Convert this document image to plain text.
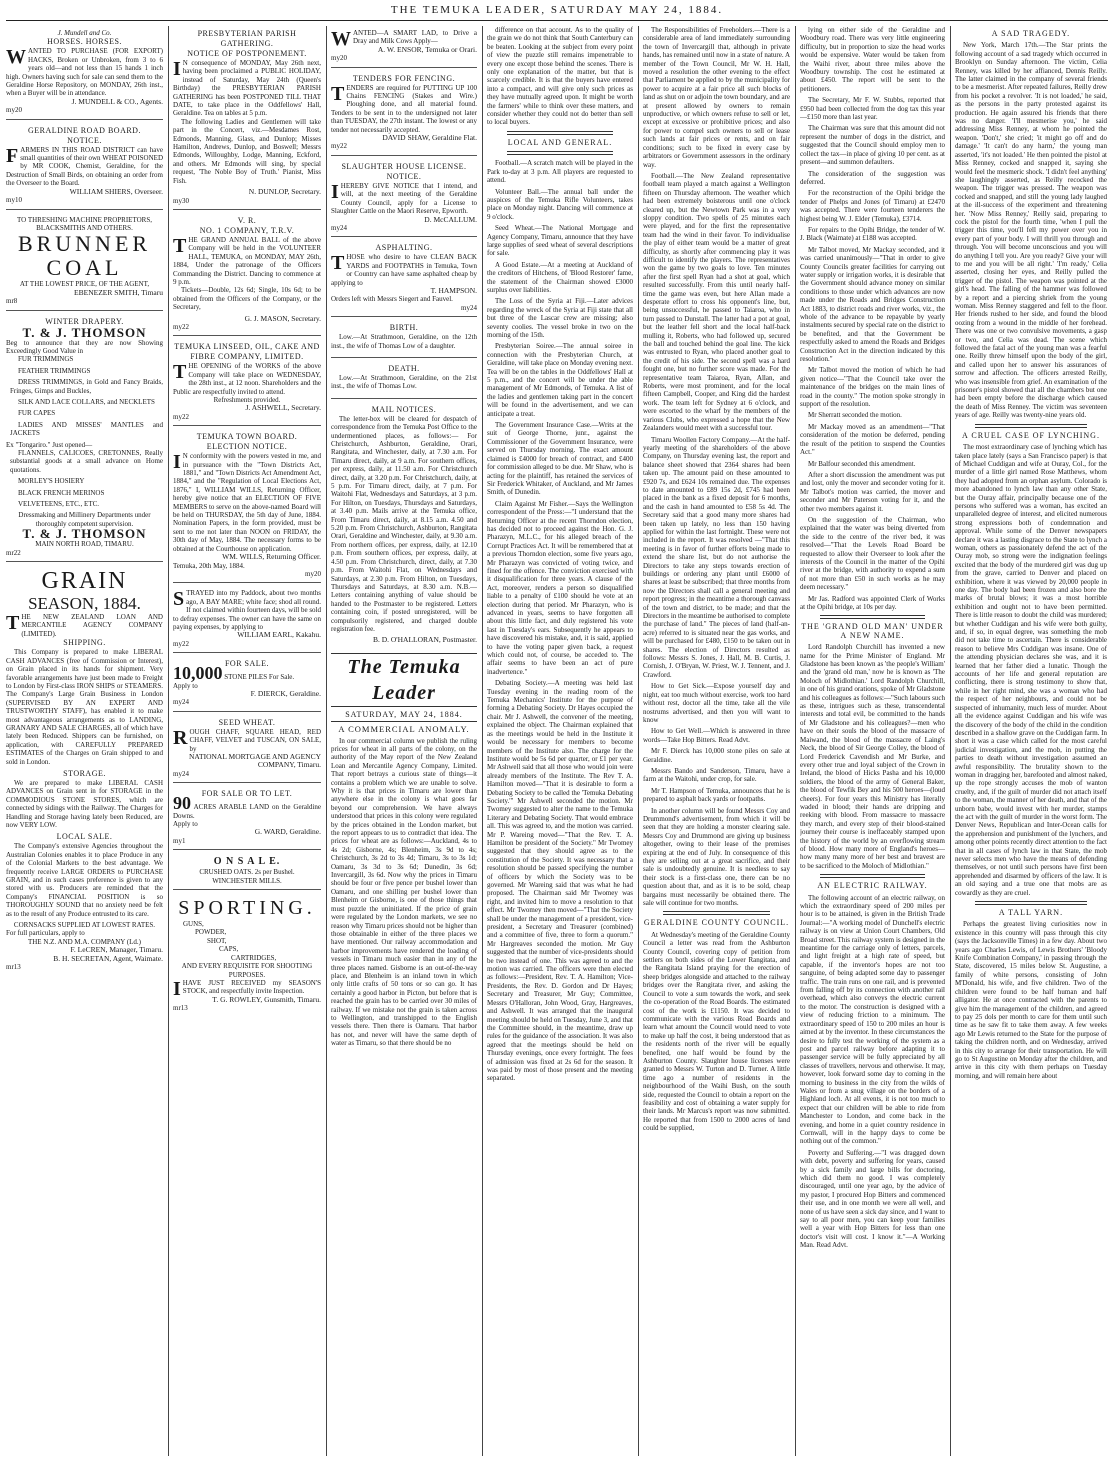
THE TEMUKA LEADER, SATURDAY MAY 24, 1884.
J. Mundell and Co.
HORSES. HORSES.
WANTED TO PURCHASE (FOR EXPORT) HACKS, Broken or Unbroken, from 3 to 6 years old—and not less than 15 hands 1 inch high. Owners having such for sale can send them to the Geraldine Horse Repository, on MONDAY, 26th inst., when a Buyer will be in attendance.
J. MUNDELL & CO., Agents.
my20
GERALDINE ROAD BOARD.
NOTICE.
FARMERS IN THIS ROAD DISTRICT can have small quantities of their own WHEAT POISONED by MR COOK, Chemist, Geraldine, for the Destruction of Small Birds, on obtaining an order from the Overseer to the Board.
WILLIAM SHIERS, Overseer.
my10
TO THRESHING MACHINE PROPRIETORS, BLACKSMITHS AND OTHERS.
BRUNNER
COAL
AT THE LOWEST PRICE, OF THE AGENT,
EBENEZER SMITH, Timaru
mr8
WINTER DRAPERY.
T. & J. THOMSON
Beg to announce that they are now Showing Exceedingly Good Value in

FUR TRIMMINGS

FEATHER TRIMMINGS

DRESS TRIMMINGS, in Gold and Fancy Braids, Fringes, Gimps and Buckles,

SILK AND LACE COLLARS, and NECKLETS

FUR CAPES

LADIES AND MISSES' MANTLES and JACKETS

Ex "Tongariro." Just opened—

FLANNELS, CALICOES, CRETONNES, Really substantial goods at a small advance on Home quotations.

MORLEY'S HOSIERY

BLACK FRENCH MERINOS

VELVETEENS, ETC., ETC.

Dressmaking and Millinery Departments under thoroughly competent supervision.
T. & J. THOMSON
MAIN NORTH ROAD, TIMARU.
mr22
GRAIN
SEASON, 1884.
THE NEW ZEALAND LOAN AND MERCANTILE AGENCY COMPANY (LIMITED).
SHIPPING.

This Company is prepared to make LIBERAL CASH ADVANCES (free of Commission or Interest), on Grain placed in its hands for shipment. Very favorable arrangements have just been made to Freight to London by First-class IRON SHIPS or STEAMERS. The Company's Large Grain Business in London (SUPERVISED BY AN EXPERT AND TRUSTWORTHY STAFF), has enabled it to make most advantageous arrangements as to LANDING, GRANARY AND SALE CHARGES, all of which have lately been Reduced. Shippers can be furnished, on application, with CAREFULLY PREPARED ESTIMATES of the Charges on Grain shipped to and sold in London.

STORAGE.

We are prepared to make LIBERAL CASH ADVANCES on Grain sent in for STORAGE in the COMMODIOUS STONE STORES, which are connected by sidings with the Railway. The Charges for Handling and Storage having lately been Reduced, are now VERY LOW.

LOCAL SALE.

The Company's extensive Agencies throughout the Australian Colonies enables it to place Produce in any of the Colonial Markets to the best advantage. We frequently receive LARGE ORDERS to PURCHASE GRAIN, and in such cases preference is given to any stored with us. Producers are reminded that the Company's FINANCIAL POSITION is so THOROUGHLY SOUND that no anxiety need be felt as to the result of any Produce entrusted to its care.

CORNSACKS SUPPLIED AT LOWEST RATES.
For full particulars, apply to
THE N.Z. AND M.A. COMPANY (Ld.)
F. LeCREN, Manager, Timaru.
B. H. SECRETAN, Agent, Waimate.
mr13
PRESBYTERIAN PARISH GATHERING.
NOTICE OF POSTPONEMENT.
I N consequence of MONDAY, May 26th next, having been proclaimed a PUBLIC HOLIDAY, instead of Saturday, May 24th (Queen's Birthday) the PRESBYTERIAN PARISH GATHERING has been POSTPONED TILL THAT DATE, to take place in the Oddfellows' Hall, Geraldine. Tea on tables at 5 p.m.

The following Ladies and Gentlemen will take part in the Concert, viz.—Mesdames Rost, Edmonds, Manning, Glass, and Dunlop; Misses Hamilton, Andrews, Dunlop, and Boswell; Messrs Edmonds, Willoughby, Lodge, Manning, Eckford, and others. Mr Edmonds will sing, by special request, 'The Noble Boy of Truth.' Pianist, Miss Fish.

N. DUNLOP, Secretary.
my30
V. R.
NO. 1 COMPANY, T.R.V.
THE GRAND ANNUAL BALL of the above Company will be held in the VOLUNTEER HALL, TEMUKA, on MONDAY, MAY 26th, 1884, Under the patronage of the Officers Commanding the District. Dancing to commence at 9 p.m.

Tickets—Double, 12s 6d; Single, 10s 6d; to be obtained from the Officers of the Company, or the Secretary,

G. J. MASON, Secretary.
my22
TEMUKA LINSEED, OIL, CAKE AND FIBRE COMPANY, LIMITED.
THE OPENING of the WORKS of the above Company will take place on WEDNESDAY, the 28th inst., at 12 noon. Shareholders and the Public are respectfully invited to attend.
Refreshments provided.
J. ASHWELL, Secretary.
my22
TEMUKA TOWN BOARD.
ELECTION NOTICE.
I N conformity with the powers vested in me, and in pursuance with the "Town Districts Act, 1881," and "Town Districts Act Amendment Act, 1884," and the "Regulation of Local Elections Act, 1876," I, WILLIAM WILLS, Returning Officer, hereby give notice that an ELECTION OF FIVE MEMBERS to serve on the above-named Board will be held on THURSDAY, the 5th day of June, 1884. Nomination Papers, in the form provided, must be sent to me not later than NOON on FRIDAY, the 30th day of May, 1884. The necessary forms to be obtained at the Courthouse on application.
WM. WILLS, Returning Officer.
Temuka, 20th May, 1884.
my20
STRAYED into my Paddock, about two months ago, A BAY MARE; white face; shod all round. If not claimed within fourteen days, will be sold to defray expenses. The owner can have the same on paying expenses, by applying to
WILLIAM EARL, Kakahu.
my22
FOR SALE.
10,000 STONE PILES For Sale.
Apply to
F. DIERCK, Geraldine.
my24
SEED WHEAT.
ROUGH CHAFF, SQUARE HEAD, RED CHAFF, VELVET and TUSCAN, ON SALE, by
NATIONAL MORTGAGE AND AGENCY COMPANY, Timaru.
my24
FOR SALE OR TO LET.
90 ACRES ARABLE LAND on the Geraldine Downs.
Apply to
G. WARD, Geraldine.
my1
O N S A L E.
CRUSHED OATS. 2s per Bushel.
WINCHESTER MILLS.
SPORTING.
GUNS,
POWDER,
SHOT,
CAPS,
CARTRIDGES,
AND EVERY REQUISITE FOR SHOOTING PURPOSES.
IHAVE JUST RECEIVED my SEASON'S STOCK, and respectfully invite Inspection.
T. G. ROWLEY, Gunsmith, Timaru.
mr13
WANTED—A SMART LAD, to Drive a Dray and Milk Cows Apply—
A. W. ENSOR, Temuka or Orari.
my20
TENDERS FOR FENCING.
TENDERS are required for PUTTING UP 100 Chains FENCING (Stakes and Wire.) Ploughing done, and all material found. Tenders to be sent in to the undersigned not later than TUESDAY, the 27th instant. The lowest or any tender not necessarily accepted.
DAVID SHAW, Geraldine Flat.
my22
SLAUGHTER HOUSE LICENSE.
NOTICE.
IHEREBY GIVE NOTICE that I intend, and will, at the next meeting of the Geraldine County Council, apply for a License to Slaughter Cattle on the Maori Reserve, Epworth.
D. McCALLUM.
my24
ASPHALTING.
THOSE who desire to have CLEAN BACK YARDS and FOOTPATHS in Temuka, Town or Country can have same asphalted cheap by applying to
T. HAMPSON.
Orders left with Messrs Siegert and Fauvel.
my24
BIRTH.

Low.—At Strathmoon, Geraldine, on the 12th inst., the wife of Thomas Low of a daughter.

DEATH.

Low.—At Strathmoon, Geraldine, on the 21st inst., the wife of Thomas Low.

MAIL NOTICES.

The letter-box will be cleared for despatch of correspondence from the Temuka Post Office to the undermentioned places, as follows:— For Christchurch, Ashburton, Geraldine, Orari, Rangitata, and Winchester, daily, at 7.30 a.m. For Timaru direct, daily, at 9 a.m. For southern offices, per express, daily, at 11.50 a.m. For Christchurch direct, daily, at 3.20 p.m. For Christchurch, daily, at 5 p.m. For Timaru direct, daily, at 7 p.m. For Waitohi Flat, Wednesdays and Saturdays, at 3 p.m. For Hilton, on Tuesdays, Thursdays and Saturdays, at 3.40 p.m. Mails arrive at the Temuka office, From Timaru direct, daily, at 8.15 a.m. 4.50 and 5.20 p.m. From Christchurch, Ashburton, Rangitata Orari, Geraldine and Winchester, daily, at 9.30 a.m. From northern offices, per express, daily, at 12.10 p.m. From southern offices, per express, daily, at 4.50 p.m. From Christchurch, direct, daily, at 7.30 p.m. From Waitohi Flat, on Wednesdays and Saturdays, at 2.30 p.m. From Hilton, on Tuesdays, Thursdays and Saturdays, at 8.30 a.m. N.B.—Letters containing anything of value should be handed to the Postmaster to be registered. Letters containing coin, if posted unregistered, will be compulsorily registered, and charged double registration fee.

B. D. O'HALLORAN, Postmaster.
The Temuka Leader
SATURDAY, MAY 24, 1884.
A COMMERCIAL ANOMALY.

In our commercial column we publish the ruling prices for wheat in all parts of the colony, on the authority of the May report of the New Zealand Loan and Mercantile Agency Company, Limited. That report betrays a curious state of things—it contains a problem which we are unable to solve. Why it is that prices in Timaru are lower than anywhere else in the colony is what goes far beyond our comprehension. We have always understood that prices in this colony were regulated by the prices obtained in the London market, but the report appears to us to contradict that idea. The prices for wheat are as follows:—Auckland, 4s to 4s 2d; Gisborne, 4s; Blenheim, 3s 9d to 4s; Christchurch, 3s 2d to 3s 4d; Timaru, 3s to 3s 1d; Oamaru, 3s 3d to 3s 6d; Dunedin, 3s 6d; Invercargill, 3s 6d. Now why the prices in Timaru should be four or five pence per bushel lower than Oamaru, and one shilling per bushel lower than Blenheim or Gisborne, is one of those things that must puzzle the uninitiated. If the price of grain were regulated by the London markets, we see no reason why Timaru prices should not be higher than those obtainable in either of the three places we have mentioned. Our railway accommodation and harbor improvements have rendered the loading of vessels in Timaru much easier than in any of the three places named. Gisborne is an out-of-the-way place, and Blenheim is an inland town in which only little crafts of 50 tons or so can go. It has certainly a good harbor in Picton, but before that is reached the grain has to be carried over 30 miles of railway. If we mistake not the grain is taken across to Wellington, and transhipped to the English vessels there. Then there is Oamaru. That harbor has not, and never will have the same depth of water as Timaru, so that there should be no

difference on that account. As to the quality of the grain we do not think that South Canterbury can be beaten. Looking at the subject from every point of view the puzzle still remains impenetrable to every one except those behind the scenes. There is only one explanation of the matter, but that is scarcely credible. It is that the buyers have entered into a compact, and will give only such prices as they have mutually agreed upon. It might be worth the farmers' while to think over these matters, and consider whether they could not do better than sell to local buyers.

LOCAL AND GENERAL.

Football.—A scratch match will be played in the Park to-day at 3 p.m. All players are requested to attend.

Volunteer Ball.—The annual ball under the auspices of the Temuka Rifle Volunteers, takes place on Monday night. Dancing will commence at 9 o'clock.

Seed Wheat.—The National Mortgage and Agency Company, Timaru, announce that they have large supplies of seed wheat of several descriptions for sale.

A Good Estate.—At a meeting at Auckland of the creditors of Hitchens, of 'Blood Restorer' fame, the statement of the Chairman showed £3000 surplus over liabilities.

The Loss of the Syria at Fiji.—Later advices regarding the wreck of the Syria at Fiji state that all but three of the Lascar crew are missing; also seventy coolies. The vessel broke in two on the morning of the 15th.

Presbyterian Soiree.—The annual soiree in connection with the Presbyterian Church, at Geraldine, will take place on Monday evening next. Tea will be on the tables in the Oddfellows' Hall at 5 p.m., and the concert will be under the able management of Mr Edmonds, of Temuka. A list of the ladies and gentlemen taking part in the concert will be found in the advertisement, and we can anticipate a treat.

The Government Insurance Case.—Writs at the suit of George Thorne, junr., against the Commissioner of the Government Insurance, were served on Thursday morning. The exact amount claimed is £4000 for breach of contract, and £400 for commission alleged to be due. Mr Shaw, who is acting for the plaintiff, has retained the services of Sir Frederick Whitaker, of Auckland, and Mr James Smith, of Dunedin.

Claim Against Mr Fisher.—Says the Wellington correspondent of the Press:—"I understand that the Returning Officer at the recent Thorndon election, has decided not to proceed against the Hon. G. J. Pharazyn, M.L.C., for his alleged breach of the Corrupt Practices Act. It will be remembered that at a previous Thorndon election, some five years ago, Mr Pharazyn was convicted of voting twice, and fined for the offence. The conviction exercised with it disqualification for three years. A clause of the Act, moreover, renders a person so disqualified liable to a penalty of £100 should he vote at an election during that period. Mr Pharazyn, who is advanced in years, seems to have forgotten all about this little fact, and duly registered his vote last in Tuesday's ears. Subsequently he appears to have discovered his mistake, and, it is said, applied to have the voting paper given back, a request which could not, of course, be acceded to. The affair seems to have been an act of pure inadvertence."

Debating Society.—A meeting was held last Tuesday evening in the reading room of the Temuka Mechanics' Institute for the purpose of forming a Debating Society. Dr Hayes occupied the chair. Mr J. Ashwell, the convener of the meeting, explained the object. The Chairman explained that as the meetings would be held in the Institute it would be necessary for members to become members of the Institute also. The charge for the Institute would be 5s 6d per quarter, or £1 per year. Mr Ashwell said that all those who would join were already members of the Institute. The Rev T. A. Hamilton moved—"That it is desirable to form a Debating Society to be called the 'Temuka Debating Society.'" Mr Ashwell seconded the motion. Mr Twomey suggested to alter the name to the Temuka Literary and Debating Society. That would embrace all. This was agreed to, and the motion was carried. Mr P. Wareing moved—"That the Rev. T. A. Hamilton be president of the Society." Mr Twomey suggested that they should agree as to the constitution of the Society. It was necessary that a resolution should be passed specifying the number of officers by which the Society was to be governed. Mr Wareing said that was what he had proposed. The Chairman said Mr Twomey was right, and invited him to move a resolution to that effect. Mr Twomey then moved—"That the Society shall be under the management of a president, vice-president, a Secretary and Treasurer (combined) and a committee of five, three to form a quorum." Mr Hargreaves seconded the motion. Mr Guy suggested that the number of vice-presidents should be two instead of one. This was agreed to and the motion was carried. The officers were then elected as follows:—President, Rev. T. A. Hamilton; Vice-Presidents, the Rev. D. Gordon and Dr Hayes; Secretary and Treasurer, Mr Guy; Committee, Messrs O'Halloran, John Wood, Gray, Hargreaves, and Ashwell. It was arranged that the inaugural meeting should be held on Tuesday, June 3, and that the Committee should, in the meantime, draw up rules for the guidance of the association. It was also agreed that the meetings should be held on Thursday evenings, once every fortnight. The fees of admission was fixed at 2s 6d for the season. It was paid by most of those present and the meeting separated.

The Responsibilities of Freeholders.—There is a considerable area of land immediately surrounding the town of Invercargill that, although in private hands, has remained until now in a state of nature. A member of the Town Council, Mr W. H. Hall, moved a resolution the other evening to the effect that Parliament be applied to by the municipality for power to acquire at a fair price all such blocks of land as shut on or adjoin the town boundary, and are at present allowed by owners to remain unproductive, or which owners refuse to sell or let, except at excessive or prohibitive prices; and also for power to compel such owners to sell or lease such lands at fair prices or rents, and on fair conditions; such to be fixed in every case by arbitrators or Government assessors in the ordinary way.

Football.—The New Zealand representative football team played a match against a Wellington fifteen on Thursday afternoon. The weather which had been extremely boisterous until one o'clock cleared up, but the Newtown Park was in a very sloppy condition. Two spells of 25 minutes each were played, and for the first the representative team had the wind in their favor. To individualise the play of either team would be a matter of great difficulty, as shortly after commencing play it was difficult to identify the players. The representatives won the game by two goals to love. Ten minutes after the first spell Ryan had a shot at goal, which resulted successfully. From this until nearly half-time the game was even, but here Allan made a desperate effort to cross his opponent's line, but, being unsuccessful, he passed to Taiaroa, who in turn passed to Dunstall. The latter had a pot at goal, but the leather fell short and the local half-back mulling it, Roberts, who had followed up, secured the ball and touched behind the goal line. The kick was entrusted to Ryan, who placed another goal to the credit of his side. The second spell was a hard fought one, but no further score was made. For the representative team Taiaroa, Ryan, Allan, and Roberts, were most prominent, and for the local fifteen Campbell, Cooper, and King did the hardest work. The team left for Sydney at 6 o'clock, and were escorted to the wharf by the members of the various Clubs, who expressed a hope that the New Zealanders would meet with a successful tour.

Timaru Woollen Factory Company.—At the half-yearly meeting of the shareholders of the above Company, on Thursday evening last, the report and balance sheet showed that 2364 shares had been taken up. The amount paid on these amounted to £920 7s, and £624 10s remained due. The expenses to date amounted to £89 15s 2d, £745 had been placed in the bank as a fixed deposit for 6 months, and the cash in hand amounted to £58 5s 4d. The Secretary said that a good many more shares had been taken up lately, no less than 150 having applied for within the last fortnight. These were not included in the report. It was resolved —"That this meeting is in favor of further efforts being made to extend the share list, but do not authorise the Directors to take any steps towards erection of buildings or ordering any plant until £6000 of shares at least be subscribed; that three months from now the Directors shall call a general meeting and report progress; in the meantime a thorough canvass of the town and district, to be made; and that the Directors in the meantime be authorised to complete the purchase of land." The pieces of land (half-an-acre) referred to is situated near the gas works, and will be purchased for £480, £150 to be taken out in shares. The election of Directors resulted as follows: Messrs S. Jones, J. Hall, M. B. Curtis, J. Cornish, J. O'Bryan, W. Priest, W. J. Tennent, and J. Crawford.

How to Get Sick.—Expose yourself day and night, eat too much without exercise, work too hard without rest, doctor all the time, take all the vile nostrums advertised, and then you will want to know

How to Get Well.—Which is answered in three words—Take Hop Bitters. Read Advt.

Mr F. Dierck has 10,000 stone piles on sale at Geraldine.

Messrs Bando and Sanderson, Timaru, have a farm at the Waitohi, under crop, for sale.

Mr T. Hampson of Temuka, announces that he is prepared to asphalt back yards or footpaths.

In another column will be found Messrs Coy and Drummond's advertisement, from which it will be seen that they are holding a monster clearing sale. Messrs Coy and Drummond are giving up business altogether, owing to their lease of the premises expiring at the end of July. In consequence of this they are selling out at a great sacrifice, and their sale is undoubtedly genuine. It is needless to say their stock is a first-class one, there can be no question about that, and as it is to be sold, cheap bargains must necessarily be obtained there. The sale will continue for two months.

GERALDINE COUNTY COUNCIL.

At Wednesday's meeting of the Geraldine County Council a letter was read from the Ashburton County Council, covering copy of petition from settlers on both sides of the Lower Rangitata, and the Rangitata Island praying for the erection of sheep bridges alongside and attached to the railway bridges over the Rangitata river, and asking the Council to vote a sum towards the work, and seek the co-operation of the Road Boards. The estimated cost of the work is £1150. It was decided to communicate with the various Road Boards and learn what amount the Council would need to vote to make up half the cost, it being understood that as the residents north of the river will be equally benefited, one half would be found by the Ashburton County. Slaughter house licenses were granted to Messrs W. Turton and D. Turner. A little time ago a number of residents in the neighbourhood of the Waihi Bush, on the south side, requested the Council to obtain a report on the feasibility and cost of obtaining a water supply for their lands. Mr Marcus's report was now submitted. He reported that from 1500 to 2000 acres of land could be supplied,

lying on either side of the Geraldine and Woodbury road. There was very little engineering difficulty, but in proportion to size the head works would be expensive. Water would be taken from the Waihi river, about three miles above the Woodbury township. The cost he estimated at about £450. The report will be sent to the petitioners.

The Secretary, Mr F. W. Stubbs, reported that £950 had been collected from the dog tax this year—£150 more than last year.

The Chairman was sure that this amount did not represent the number of dogs in the district, and suggested that the Council should employ men to collect the tax—in place of giving 10 per cent. as at present—and summon defaulters.

The consideration of the suggestion was deferred.

For the reconstruction of the Opihi bridge the tender of Phelps and Jones (of Timaru) at £2470 was accepted. There were fourteen tenderers the highest being W. J. Elder (Temuka), £3714.

For repairs to the Opihi Bridge, the tender of W. J. Black (Waimate) at £188 was accepted.

Mr Talbot moved, Mr Mackay seconded, and it was carried unanimously—"That in order to give County Councils greater facilities for carrying out water supply or irrigation works, it is desirable that the Government should advance money on similar conditions to those under which advances are now made under the Roads and Bridges Construction Act 1883, to district roads and river works, viz., the whole of the advance to be repayable by yearly instalments secured by special rate on the district to be benefited, and that the Government be respectfully asked to amend the Roads and Bridges Construction Act in the direction indicated by this resolution."

Mr Talbot moved the motion of which he had given notice—"That the Council take over the maintenance of the bridges on the main lines of road in the county." The motion spoke strongly in support of the resolution.

Mr Sherratt seconded the motion.

Mr Mackay moved as an amendment—"That consideration of the motion be deferred, pending the result of the petition to suspend the Counties Act."

Mr Balfour seconded this amendment.

After a short discussion the amendment was put and lost, only the mover and seconder voting for it. Mr Talbot's motion was carried, the mover and seconder and Mr Paterson voting for it, and the other two members against it.

On the suggestion of the Chairman, who explained that the water was being diverted from the side to the centre of the river bed, it was resolved—"That the Levels Road Board be requested to allow their Overseer to look after the interests of the Council in the matter of the Opihi river at the bridge, with authority to expend a sum of not more than £50 in such works as he may deem necessary."

Mr Jas. Radford was appointed Clerk of Works at the Opihi bridge, at 10s per day.

THE 'GRAND OLD MAN' UNDER A NEW NAME.

Lord Randolph Churchill has invented a new name for the Prime Minister of England. Mr Gladstone has been known as 'the people's William' and the 'grand old man,' now he is known as 'The Moloch of Midlothian.' Lord Randolph Churchill, in one of his grand orations, spoke of Mr Gladstone and his colleagues as follows:—"Such labours such as these, intrigues such as these, transcendental interests and total evil, be committed to the hands of Mr Gladstone and his colleagues?—men who have on their souls the blood of the massacre of Maiwand, the blood of the massacre of Laing's Neck, the blood of Sir George Colley, the blood of Lord Frederick Cavendish and Mr Burke, and every other true and loyal subject of the Crown in Ireland, the blood of Hicks Pasha and his 10,000 soldiers, the blood of the army of General Baker, the blood of Tewfik Bey and his 500 heroes—(loud cheers). For four years this Ministry has literally waded in blood; their hands are dripping and reeking with blood. From massacre to massacre they march, and every step of their blood-stained journey their course is ineffaceably stamped upon the history of the world by an overflowing stream of blood. How many more of England's heroes—how many many more of her best and bravest are to be sacrificed to the Moloch of Midlothian."

AN ELECTRIC RAILWAY.

The following account of an electric railway, on which the extraordinary speed of 200 miles per hour is to be attained, is given in the British Trade Journal:—"A working model of Dunchell's electric railway is on view at Union Court Chambers, Old Broad street. This railway system is designed in the meantime for the carriage only of letters, parcels, and light freight at a high rate of speed, but capable, if the inventor's hopes are not too sanguine, of being adapted some day to passenger traffic. The train runs on one rail, and is prevented from falling off by its connection with another rail overhead, which also conveys the electric current to the motor. The construction is designed with a view of reducing friction to a minimum. The extraordinary speed of 150 to 200 miles an hour is aimed at by the inventor. In these circumstances the desire to fully test the working of the system as a post and parcel railway before adapting it to passenger service will be fully appreciated by all classes of travellers, nervous and otherwise. It may, however, look forward some day to coming in the morning to business in the city from the wilds of Wales or from a snug village on the borders of a Highland loch. At all events, it is not too much to expect that our children will be able to ride from Manchester to London, and come back in the evening, and home in a quiet country residence in Cornwall, will in the happy days to come be nothing out of the common."

Poverty and Suffering.—"I was dragged down with debt, poverty and suffering for years, caused by a sick family and large bills for doctoring, which did them no good. I was completely discouraged, until one year ago, by the advice of my pastor, I procured Hop Bitters and commenced their use, and in one month we were all well, and none of us have seen a sick day since, and I want to say to all poor men, you can keep your families well a year with Hop Bitters for less than one doctor's visit will cost. I know it."—A Working Man. Read Advt.

A SAD TRAGEDY.

New York, March 17th.—The Star prints the following account of a sad tragedy which occurred in Brooklyn on Sunday afternoon. The victim, Celia Renney, was killed by her affianced, Dennis Reilly. The latter claimed in the company of several friends to be a mesmerist. After repeated failures, Reilly drew from his pocket a revolver. 'It is not loaded,' he said, as the persons in the party protested against its production. He again assured his friends that there was no danger. 'I'll mesmerise you,' he said addressing Miss Renney, at whom he pointed the weapon. 'Don't,' she cried; 'it might go off and do damage.' 'It can't do any harm,' the young man asserted, 'it's not loaded.' He then pointed the pistol at Miss Renney, cocked and snapped it, saying she would feel the mesmeric shock. 'I didn't feel anything' she laughingly asserted, as Reilly recocked the weapon. The trigger was pressed. The weapon was cocked and snapped, and still the young lady laughed at the ill-success of the experiment and threatening her. 'Now Miss Renney,' Reilly said, preparing to cock the pistol for the fourth time, 'when I pull the trigger this time, you'll fell my power over you in every part of your body. I will thrill you through and through. You will become unconscious and you will do anything I tell you. Are you ready? Give your will to me and you will be all right.' 'I'm ready,' Celia asserted, closing her eyes, and Reilly pulled the trigger of the pistol. The weapon was pointed at the girl's head. The falling of the hammer was followed by a report and a piercing shriek from the young woman. Miss Renney staggered and fell to the floor. Her friends rushed to her side, and found the blood oozing from a wound in the middle of her forehead. There was one or two convulsive movements, a gasp or two, and Celia was dead. The scene which followed the fatal act of the young man was a fearful one. Reilly threw himself upon the body of the girl, and called upon her to answer his assurances of sorrow and affection. The officers arrested Reilly, who was insensible from grief. An examination of the prisoner's pistol showed that all the chambers but one had been empty before the discharge which caused the death of Miss Renney. The victim was seventeen years of age. Reilly was twenty-nine years old.

A CRUEL CASE OF LYNCHING.

The most extraordinary case of lynching which has taken place lately (says a San Francisco paper) is that of Michael Cuddigan and wife at Ouray, Col., for the murder of a little girl named Rose Matthews, whom they had adopted from an orphan asylum. Colorado is more abandoned to lynch law than any other State, but the Ouray affair, principally because one of the persons who suffered was a woman, has excited an unparalleled degree of interest, and elicited numerous strong expressions both of condemnation and approval. While some of the Denver newspapers declare it was a lasting disgrace to the State to lynch a woman, others as passionately defend the act of the Ouray mob, so strong were the indignation feelings excited that the body of the murdered girl was dug up from the grave, carried to Denver and placed on exhibition, where it was viewed by 20,000 people in one day. The body had been frozen and also bore the marks of brutal blows; it was a most horrible exhibition and ought not to have been permitted. There is little reason to doubt the child was murdered; but whether Cuddigan and his wife were both guilty, and, if so, in equal degree, was something the mob did not take time to ascertain. There is considerable reason to believe Mrs Cuddigan was insane. One of the attending physician declares she was, and it is learned that her father died a lunatic. Though the accounts of her life and general reputation are conflicting, there is strong testimony to show that, while in her right mind, she was a woman who had the respect of her neighbours, and could not be suspected of inhumanity, much less of murder. About all the evidence against Cuddigan and his wife was the discovery of the body of the child in the condition described in a shallow grave on the Cuddigan farm. In short it was a case which called for the most careful judicial investigation, and the mob, in putting the parties to death without investigation assumed an awful responsibility. The brutality shown to the woman in dragging her, barefooted and almost naked, up the rope strongly accuses the mob of wanton cruelty, and, if the guilt of murder did not attach itself to the woman, the manner of her death, and that of the unborn babe, would invest with her murder, stamps the act with the guilt of murder in the worst form. The Denver News, Republican and Inter-Ocean calls for the apprehension and punishment of the lynchers, and among other points recently direct attention to the fact that in all cases of lynch law in that State, the mob never selects men who have the means of defending themselves, or not until such persons have first been apprehended and disarmed by officers of the law. It is an old saying and a true one that mobs are as cowardly as they are cruel.

A TALL YARN.

Perhaps the greatest living curiosities now in existence in this country will pass through this city (says the Jacksonville Times) in a few day. About two years ago Charles Lewis, of Lewis Brothers' 'Bloody Knife Combination Company,' in passing through the State, discovered, 15 miles below St. Augustine, a family of white persons, consisting of John M'Donald, his wife, and five children. Two of the children were found to be half human and half alligator. He at once contracted with the parents to give him the management of the children, and agreed to pay 25 dols per month to care for them until such time as he saw fit to take them away. A few weeks ago Mr Lewis returned to the State for the purpose of taking the children north, and on Wednesday, arrived in this city to arrange for their transportation. He will go to St Augustine on Monday after the children, and arrive in this city with them perhaps on Tuesday morning, and will remain here about
